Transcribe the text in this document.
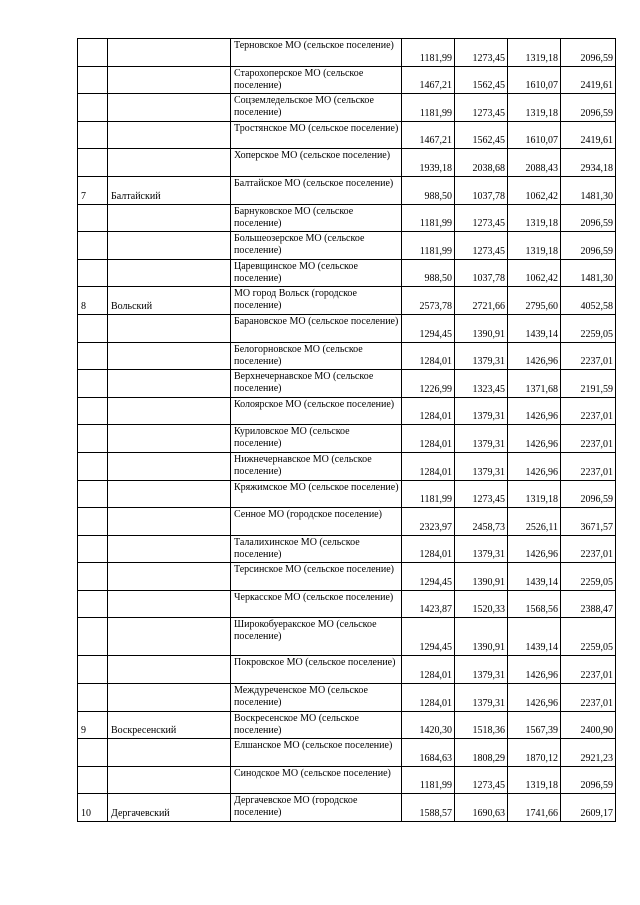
		Терновское МО (сельское поселение)	1181,99	1273,45	1319,18	2096,59
		Старохоперское МО (сельское поселение)	1467,21	1562,45	1610,07	2419,61
		Соцземледельское МО (сельское поселение)	1181,99	1273,45	1319,18	2096,59
		Тростянское МО (сельское поселение)	1467,21	1562,45	1610,07	2419,61
		Хоперское МО (сельское поселение)	1939,18	2038,68	2088,43	2934,18
7	Балтайский	Балтайское МО (сельское поселение)	988,50	1037,78	1062,42	1481,30
		Барнуковское МО (сельское поселение)	1181,99	1273,45	1319,18	2096,59
		Большеозерское МО (сельское поселение)	1181,99	1273,45	1319,18	2096,59
		Царевщинское МО (сельское поселение)	988,50	1037,78	1062,42	1481,30
8	Вольский	МО город Вольск (городское поселение)	2573,78	2721,66	2795,60	4052,58
		Барановское МО (сельское поселение)	1294,45	1390,91	1439,14	2259,05
		Белогорновское МО (сельское поселение)	1284,01	1379,31	1426,96	2237,01
		Верхнечернавское МО (сельское поселение)	1226,99	1323,45	1371,68	2191,59
		Колоярское МО (сельское поселение)	1284,01	1379,31	1426,96	2237,01
		Куриловское МО (сельское поселение)	1284,01	1379,31	1426,96	2237,01
		Нижнечернавское МО (сельское поселение)	1284,01	1379,31	1426,96	2237,01
		Кряжимское МО (сельское поселение)	1181,99	1273,45	1319,18	2096,59
		Сенное МО (городское поселение)	2323,97	2458,73	2526,11	3671,57
		Талалихинское МО (сельское поселение)	1284,01	1379,31	1426,96	2237,01
		Терсинское МО (сельское поселение)	1294,45	1390,91	1439,14	2259,05
		Черкасское МО (сельское поселение)	1423,87	1520,33	1568,56	2388,47
		Широкобуеракское МО (сельское поселение)	1294,45	1390,91	1439,14	2259,05
		Покровское МО (сельское поселение)	1284,01	1379,31	1426,96	2237,01
		Междуреченское МО (сельское поселение)	1284,01	1379,31	1426,96	2237,01
9	Воскресенский	Воскресенское МО (сельское поселение)	1420,30	1518,36	1567,39	2400,90
		Елшанское МО (сельское поселение)	1684,63	1808,29	1870,12	2921,23
		Синодское МО (сельское поселение)	1181,99	1273,45	1319,18	2096,59
10	Дергачевский	Дергачевское МО (городское поселение)	1588,57	1690,63	1741,66	2609,17
